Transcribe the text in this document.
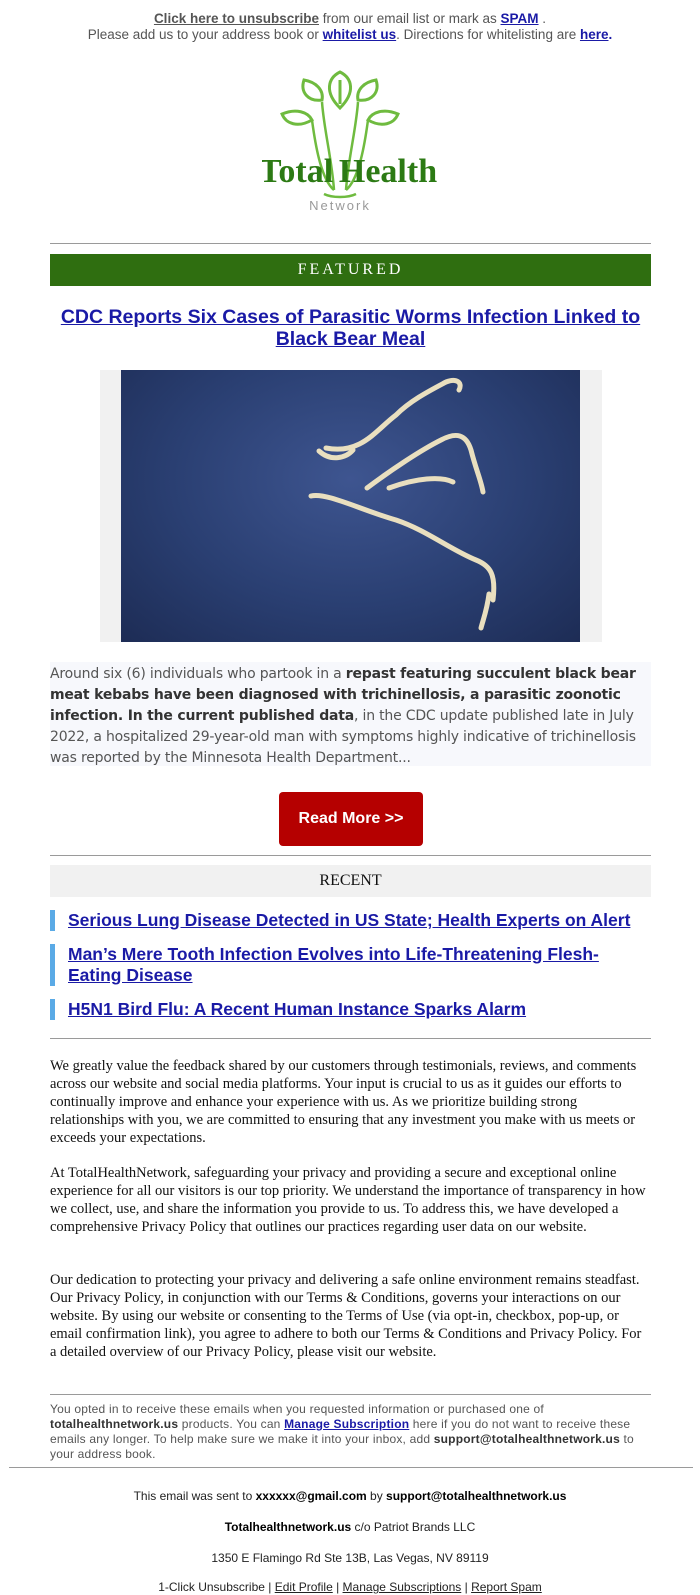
Click here to unsubscribe from our email list or mark as SPAM .
Please add us to your address book or whitelist us. Directions for whitelisting are here.
Total Health
Network
FEATURED
CDC Reports Six Cases of Parasitic Worms Infection Linked to Black Bear Meal
Around six (6) individuals who partook in a repast featuring succulent black bear meat kebabs have been diagnosed with trichinellosis, a parasitic zoonotic infection. In the current published data, in the CDC update published late in July 2022, a hospitalized 29-year-old man with symptoms highly indicative of trichinellosis was reported by the Minnesota Health Department...
Read More >>
RECENT
Serious Lung Disease Detected in US State; Health Experts on Alert
Man’s Mere Tooth Infection Evolves into Life-Threatening Flesh-Eating Disease
H5N1 Bird Flu: A Recent Human Instance Sparks Alarm
We greatly value the feedback shared by our customers through testimonials, reviews, and comments across our website and social media platforms. Your input is crucial to us as it guides our efforts to continually improve and enhance your experience with us. As we prioritize building strong relationships with you, we are committed to ensuring that any investment you make with us meets or exceeds your expectations.
At TotalHealthNetwork, safeguarding your privacy and providing a secure and exceptional online experience for all our visitors is our top priority. We understand the importance of transparency in how we collect, use, and share the information you provide to us. To address this, we have developed a comprehensive Privacy Policy that outlines our practices regarding user data on our website.
Our dedication to protecting your privacy and delivering a safe online environment remains steadfast. Our Privacy Policy, in conjunction with our Terms & Conditions, governs your interactions on our website. By using our website or consenting to the Terms of Use (via opt-in, checkbox, pop-up, or email confirmation link), you agree to adhere to both our Terms & Conditions and Privacy Policy. For a detailed overview of our Privacy Policy, please visit our website.
You opted in to receive these emails when you requested information or purchased one of totalhealthnetwork.us products. You can Manage Subscription here if you do not want to receive these emails any longer. To help make sure we make it into your inbox, add support@totalhealthnetwork.us to your address book.
This email was sent to xxxxxx@gmail.com by support@totalhealthnetwork.us
Totalhealthnetwork.us c/o Patriot Brands LLC
1350 E Flamingo Rd Ste 13B, Las Vegas, NV 89119
1-Click Unsubscribe | Edit Profile | Manage Subscriptions | Report Spam
